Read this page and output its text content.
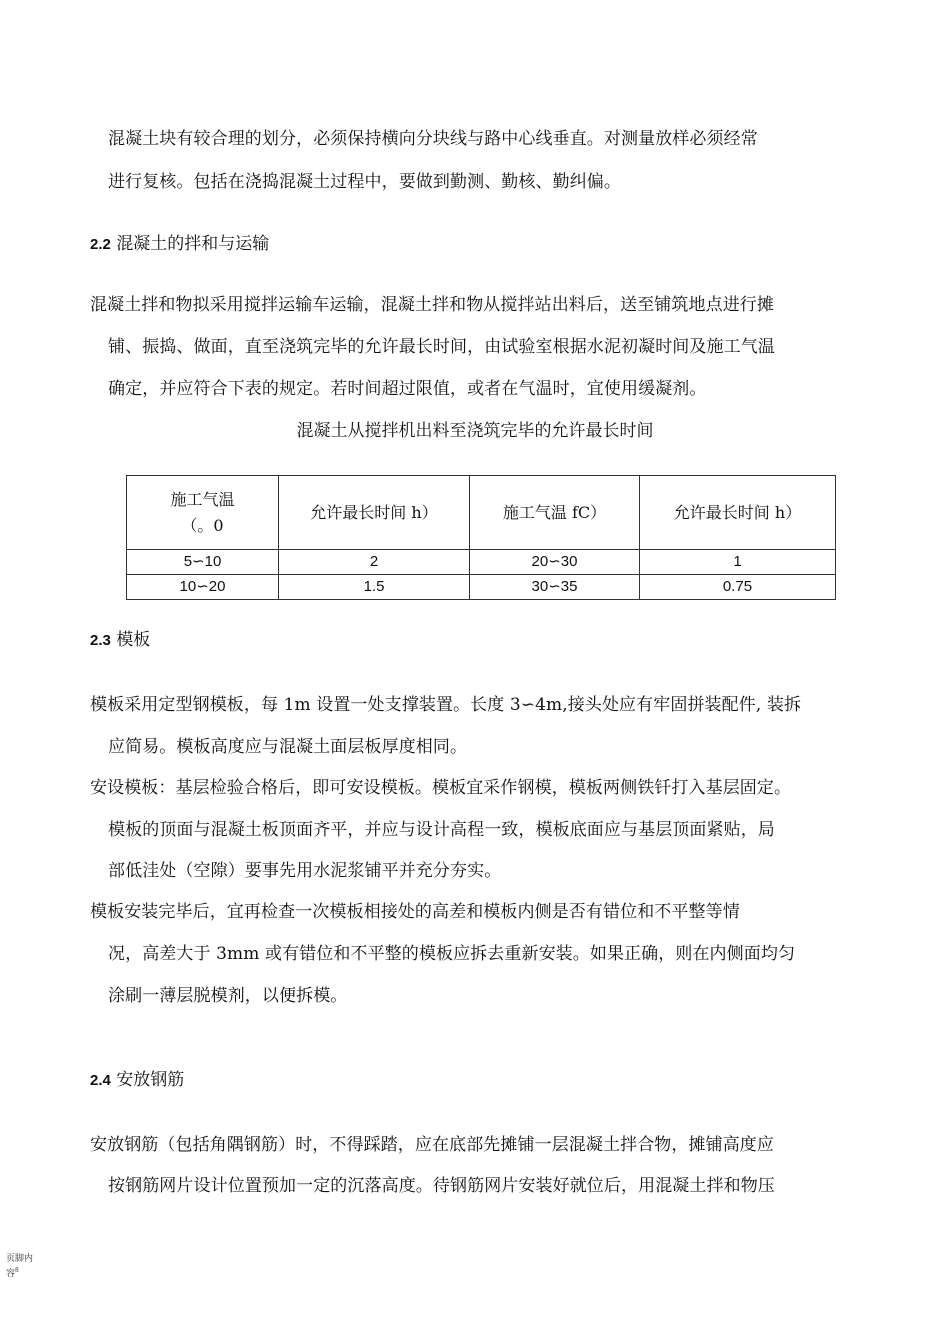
混凝土块有较合理的划分，必须保持横向分块线与路中心线垂直。对测量放样必须经常
进行复核。包括在浇捣混凝土过程中，要做到勤测、勤核、勤纠偏。
2.2 混凝土的拌和与运输
混凝土拌和物拟采用搅拌运输车运输，混凝土拌和物从搅拌站出料后，送至铺筑地点进行摊
铺、振捣、做面，直至浇筑完毕的允许最长时间，由试验室根据水泥初凝时间及施工气温
确定，并应符合下表的规定。若时间超过限值，或者在气温时，宜使用缓凝剂。
混凝土从搅拌机出料至浇筑完毕的允许最长时间
施工气温
（。0	允许最长时间 h）	施工气温 fC）	允许最长时间 h）
5∽10	2	20∽30	1
10∽20	1.5	30∽35	0.75
2.3 模板
模板采用定型钢模板，每 1m 设置一处支撑装置。长度 3∽4m,接头处应有牢固拼装配件, 装拆
应简易。模板高度应与混凝土面层板厚度相同。
安设模板：基层检验合格后，即可安设模板。模板宜采作钢模，模板两侧铁钎打入基层固定。
模板的顶面与混凝土板顶面齐平，并应与设计高程一致，模板底面应与基层顶面紧贴，局
部低洼处（空隙）要事先用水泥浆铺平并充分夯实。
模板安装完毕后，宜再检查一次模板相接处的高差和模板内侧是否有错位和不平整等情
况，高差大于 3mm 或有错位和不平整的模板应拆去重新安装。如果正确，则在内侧面均匀
涂刷一薄层脱模剂，以便拆模。
2.4 安放钢筋
安放钢筋（包括角隅钢筋）时，不得踩踏，应在底部先摊铺一层混凝土拌合物，摊铺高度应
按钢筋网片设计位置预加一定的沉落高度。待钢筋网片安装好就位后，用混凝土拌和物压
页脚内
容$^8$
